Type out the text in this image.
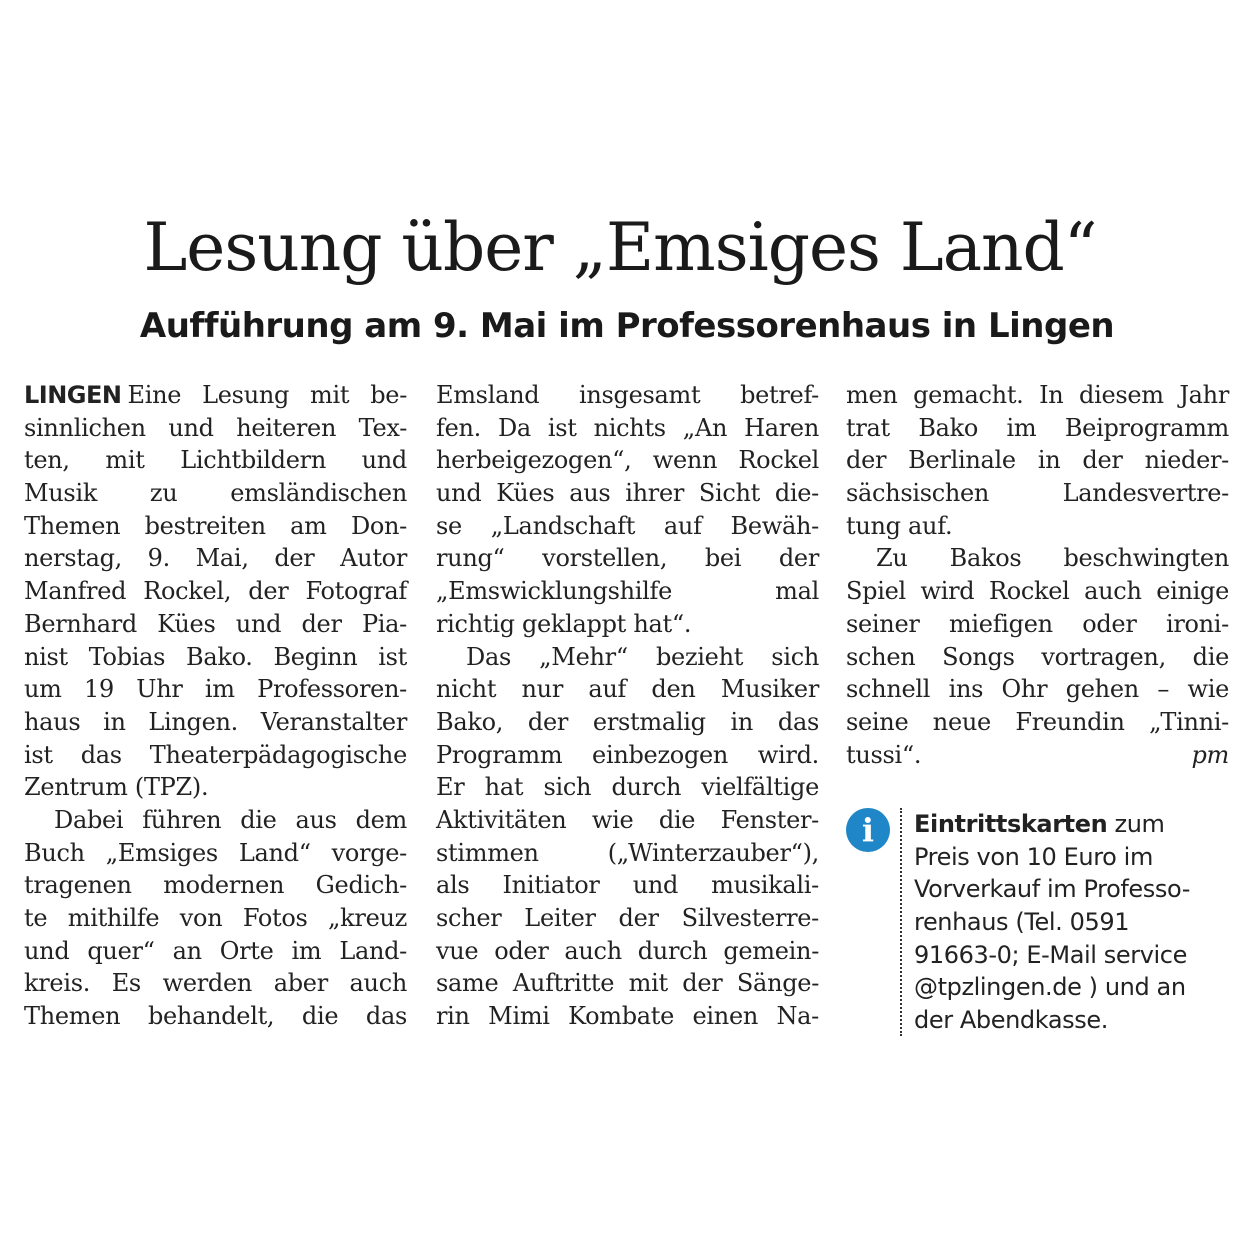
Lesung über „Emsiges Land“
Aufführung am 9. Mai im Professorenhaus in Lingen
LINGEN Eine Lesung mit be-
sinnlichen und heiteren Tex-
ten, mit Lichtbildern und
Musik zu emsländischen
Themen bestreiten am Don-
nerstag, 9. Mai, der Autor
Manfred Rockel, der Fotograf
Bernhard Kües und der Pia-
nist Tobias Bako. Beginn ist
um 19 Uhr im Professoren-
haus in Lingen. Veranstalter
ist das Theaterpädagogische
Zentrum (TPZ).
Dabei führen die aus dem
Buch „Emsiges Land“ vorge-
tragenen modernen Gedich-
te mithilfe von Fotos „kreuz
und quer“ an Orte im Land-
kreis. Es werden aber auch
Themen behandelt, die das
Emsland insgesamt betref-
fen. Da ist nichts „An Haren
herbeigezogen“, wenn Rockel
und Kües aus ihrer Sicht die-
se „Landschaft auf Bewäh-
rung“ vorstellen, bei der
„Emswicklungshilfe mal
richtig geklappt hat“.
Das „Mehr“ bezieht sich
nicht nur auf den Musiker
Bako, der erstmalig in das
Programm einbezogen wird.
Er hat sich durch vielfältige
Aktivitäten wie die Fenster-
stimmen („Winterzauber“),
als Initiator und musikali-
scher Leiter der Silvesterre-
vue oder auch durch gemein-
same Auftritte mit der Sänge-
rin Mimi Kombate einen Na-
men gemacht. In diesem Jahr
trat Bako im Beiprogramm
der Berlinale in der nieder-
sächsischen Landesvertre-
tung auf.
Zu Bakos beschwingten
Spiel wird Rockel auch einige
seiner miefigen oder ironi-
schen Songs vortragen, die
schnell ins Ohr gehen – wie
seine neue Freundin „Tinni-
tussi“.	pm
i	Eintrittskarten zum
Preis von 10 Euro im
Vorverkauf im Professo-
renhaus (Tel. 0591
91663-0; E-Mail service
@tpzlingen.de ) und an
der Abendkasse.
